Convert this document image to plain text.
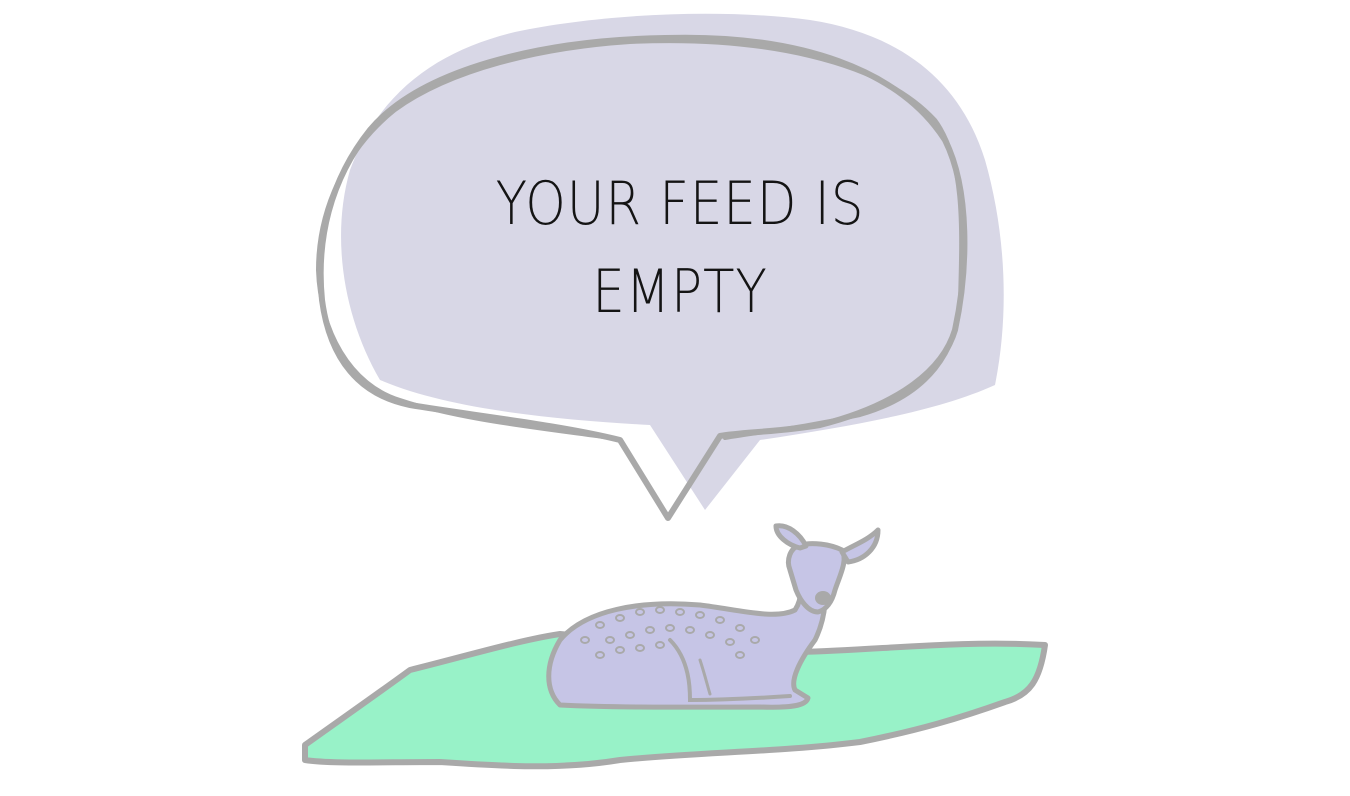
YOUR FEED IS
EMPTY
